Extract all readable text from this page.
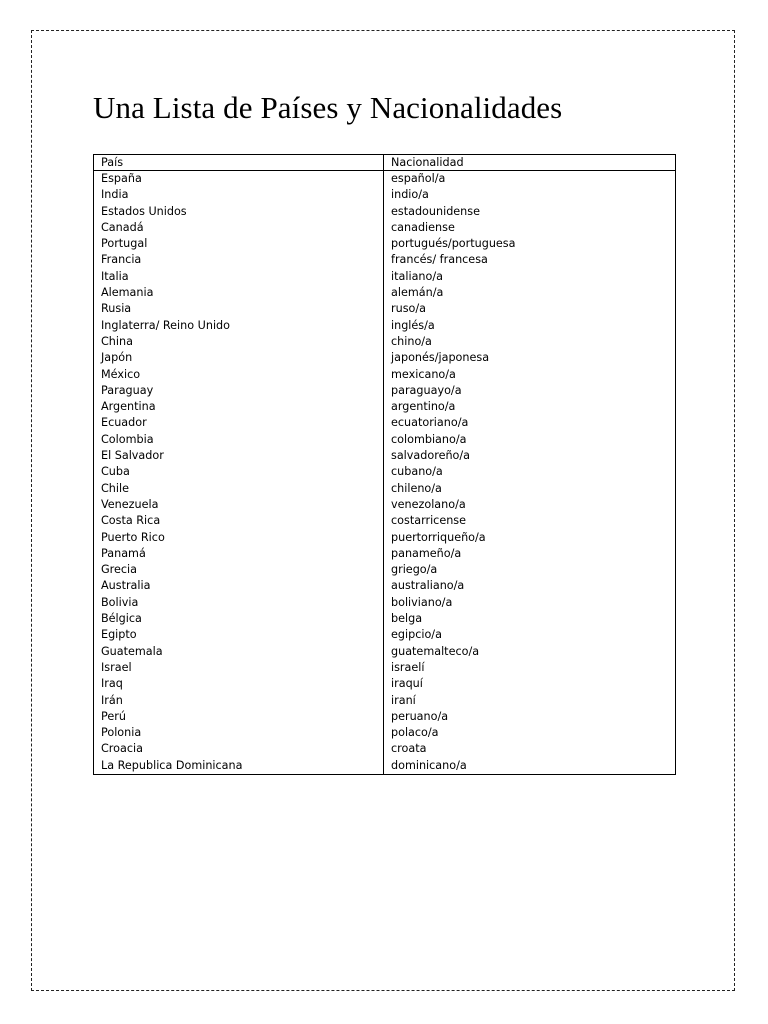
Una Lista de Países y Nacionalidades
País	Nacionalidad
España	español/a
India	indio/a
Estados Unidos	estadounidense
Canadá	canadiense
Portugal	portugués/portuguesa
Francia	francés/ francesa
Italia	italiano/a
Alemania	alemán/a
Rusia	ruso/a
Inglaterra/ Reino Unido	inglés/a
China	chino/a
Japón	japonés/japonesa
México	mexicano/a
Paraguay	paraguayo/a
Argentina	argentino/a
Ecuador	ecuatoriano/a
Colombia	colombiano/a
El Salvador	salvadoreño/a
Cuba	cubano/a
Chile	chileno/a
Venezuela	venezolano/a
Costa Rica	costarricense
Puerto Rico	puertorriqueño/a
Panamá	panameño/a
Grecia	griego/a
Australia	australiano/a
Bolivia	boliviano/a
Bélgica	belga
Egipto	egipcio/a
Guatemala	guatemalteco/a
Israel	israelí
Iraq	iraquí
Irán	iraní
Perú	peruano/a
Polonia	polaco/a
Croacia	croata
La Republica Dominicana	dominicano/a
